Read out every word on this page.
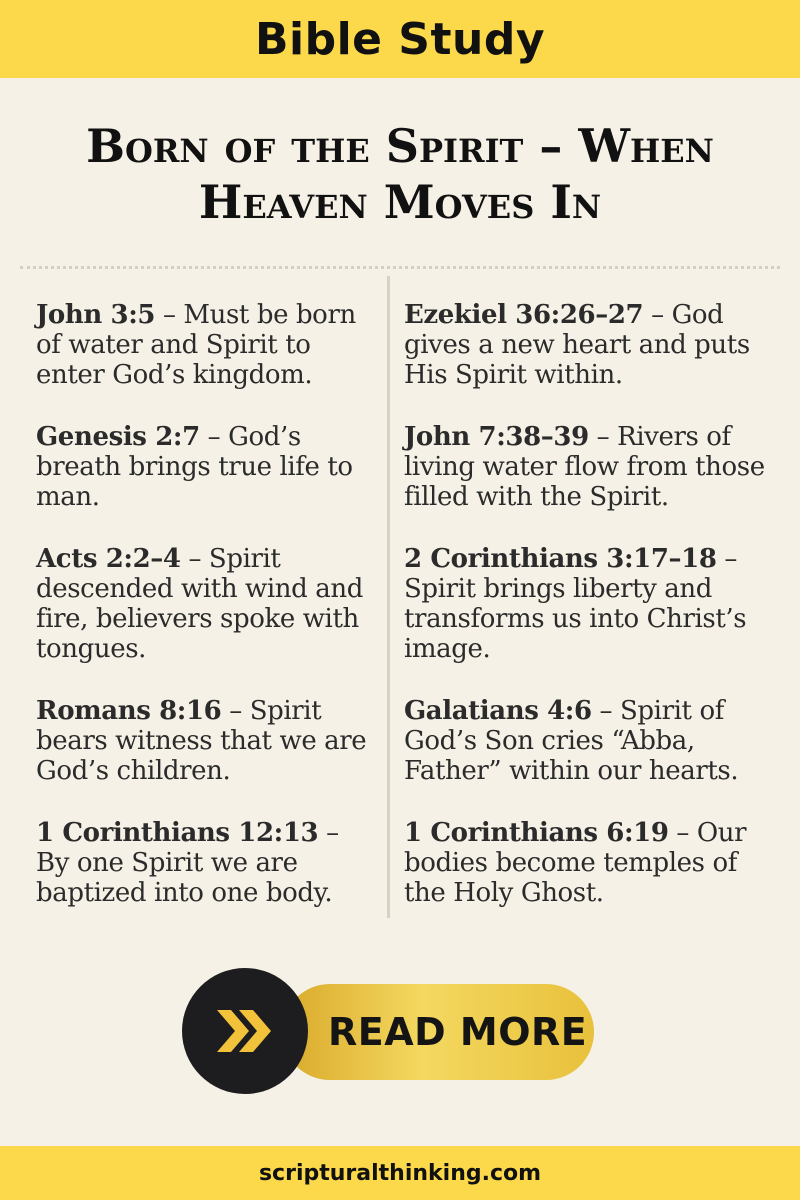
Bible Study
Born of the Spirit – When
Heaven Moves In

John 3:5 – Must be born of water and Spirit to enter God’s kingdom.

Genesis 2:7 – God’s breath brings true life to man.

Acts 2:2–4 – Spirit descended with wind and fire, believers spoke with tongues.

Romans 8:16 – Spirit bears witness that we are God’s children.

1 Corinthians 12:13 – By one Spirit we are baptized into one body.

Ezekiel 36:26–27 – God gives a new heart and puts His Spirit within.

John 7:38–39 – Rivers of living water flow from those filled with the Spirit.

2 Corinthians 3:17–18 – Spirit brings liberty and transforms us into Christ’s image.

Galatians 4:6 – Spirit of God’s Son cries “Abba, Father” within our hearts.

1 Corinthians 6:19 – Our bodies become temples of the Holy Ghost.

READ MORE
scripturalthinking.com
